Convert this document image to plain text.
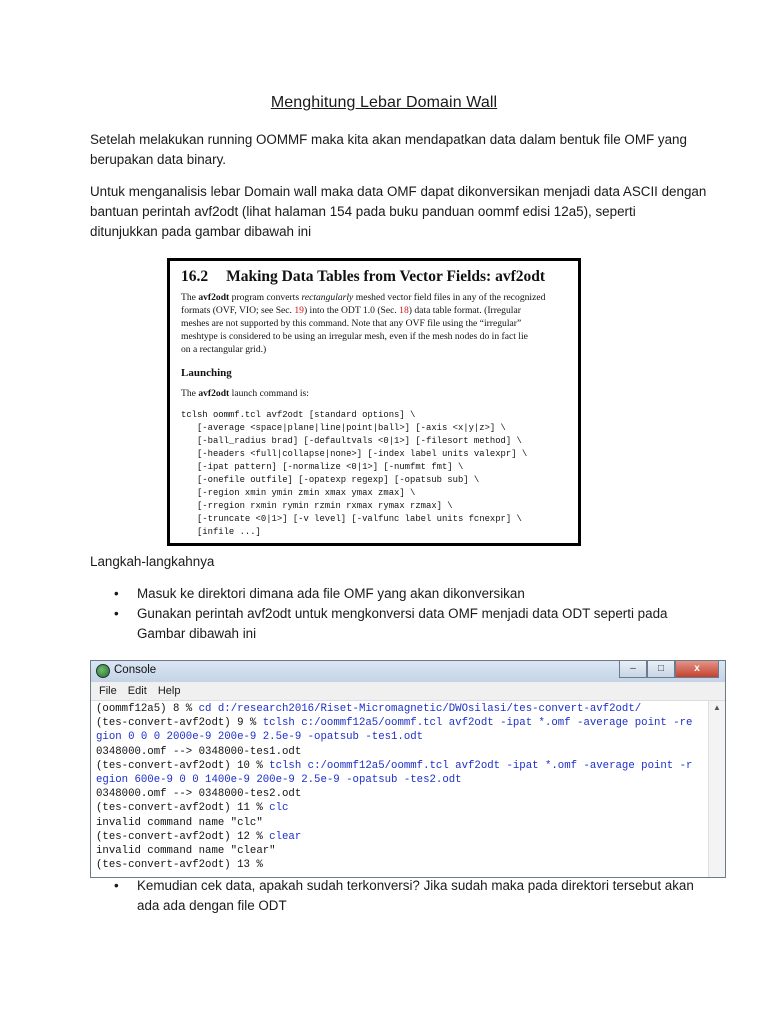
Menghitung Lebar Domain Wall
Setelah melakukan running OOMMF maka kita akan mendapatkan data dalam bentuk file OMF yang
berupakan data binary.
Untuk menganalisis lebar Domain wall maka data OMF dapat dikonversikan menjadi data ASCII dengan
bantuan perintah avf2odt (lihat halaman 154 pada buku panduan oommf edisi 12a5), seperti
ditunjukkan pada gambar dibawah ini
16.2 Making Data Tables from Vector Fields: avf2odt
The avf2odt program converts rectangularly meshed vector field files in any of the recognized
formats (OVF, VIO; see Sec. 19) into the ODT 1.0 (Sec. 18) data table format. (Irregular
meshes are not supported by this command. Note that any OVF file using the “irregular”
meshtype is considered to be using an irregular mesh, even if the mesh nodes do in fact lie
on a rectangular grid.)
Launching
The avf2odt launch command is:
tclsh oommf.tcl avf2odt [standard options] \
[-average <space|plane|line|point|ball>] [-axis <x|y|z>] \
[-ball_radius brad] [-defaultvals <0|1>] [-filesort method] \
[-headers <full|collapse|none>] [-index label units valexpr] \
[-ipat pattern] [-normalize <0|1>] [-numfmt fmt] \
[-onefile outfile] [-opatexp regexp] [-opatsub sub] \
[-region xmin ymin zmin xmax ymax zmax] \
[-rregion rxmin rymin rzmin rxmax rymax rzmax] \
[-truncate <0|1>] [-v level] [-valfunc label units fcnexpr] \
[infile ...]
Langkah-langkahnya
• Masuk ke direktori dimana ada file OMF yang akan dikonversikan
• Gunakan perintah avf2odt untuk mengkonversi data OMF menjadi data ODT seperti pada
Gambar dibawah ini
Console	–	□	x
File Edit Help
(oommf12a5) 8 % cd d:/research2016/Riset-Micromagnetic/DWOsilasi/tes-convert-avf2odt/
(tes-convert-avf2odt) 9 % tclsh c:/oommf12a5/oommf.tcl avf2odt -ipat *.omf -average point -re
gion 0 0 0 2000e-9 200e-9 2.5e-9 -opatsub -tes1.odt
0348000.omf --> 0348000-tes1.odt
(tes-convert-avf2odt) 10 % tclsh c:/oommf12a5/oommf.tcl avf2odt -ipat *.omf -average point -r
egion 600e-9 0 0 1400e-9 200e-9 2.5e-9 -opatsub -tes2.odt
0348000.omf --> 0348000-tes2.odt
(tes-convert-avf2odt) 11 % clc
invalid command name "clc"
(tes-convert-avf2odt) 12 % clear
invalid command name "clear"
(tes-convert-avf2odt) 13 %
▲
• Kemudian cek data, apakah sudah terkonversi? Jika sudah maka pada direktori tersebut akan
ada ada dengan file ODT
